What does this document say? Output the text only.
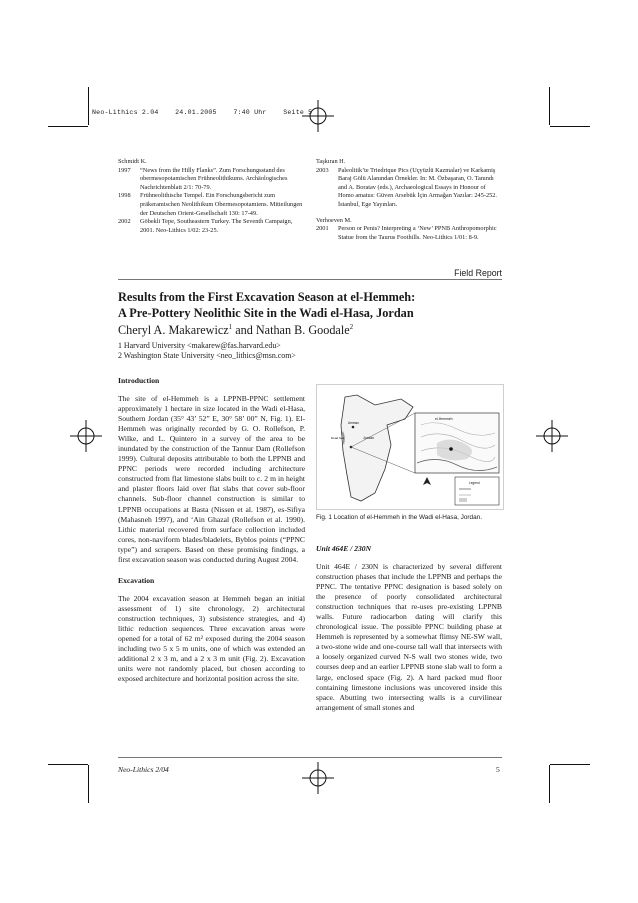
Neo-Lithics 2.04    24.01.2005    7:40 Uhr    Seite 5
Schmidt K.
1997	“News from the Hilly Flanks”. Zum Forschungsstand des obermesopotamischen Frühneolithikums. Archäologisches Nachrichtenblatt 2/1: 70-79.
1998	Frühneolithische Tempel. Ein Forschungsbericht zum präkeramischen Neolithikum Obermesopotamiens. Mitteilungen der Deutschen Orient-Gesellschaft 130: 17-49.
2002	Göbekli Tepe, Southeastern Turkey. The Seventh Campaign, 2001. Neo-Lithics 1/02: 23-25.
Taşkıran H.
2003	Paleolitik’te Triedrique Pics (Uçyüzlü Kazmalar) ve Karkamiş Baraj Gölü Alanından Örnekler. In: M. Özbaşaran, O. Tanındı and A. Boratav (eds.), Archaeological Essays in Honour of Homo amatus: Güven Arsebük İçin Armağan Yazılar: 245-252. İstanbul, Ege Yayınları.
Verhoeven M.
2001	Person or Penis? Interpreting a ‘New’ PPNB Anthropomorphic Statue from the Taurus Foothills. Neo-Lithics 1/01: 8-9.
Field Report
Results from the First Excavation Season at el-Hemmeh:
A Pre-Pottery Neolithic Site in the Wadi el-Hasa, Jordan
Cheryl A. Makarewicz$^1$ and Nathan B. Goodale$^2$
1 Harvard University <makarew@fas.harvard.edu>
2 Washington State University <neo_lithics@msn.com>
Introduction
The site of el-Hemmeh is a LPPNB-PPNC settlement approximately 1 hectare in size located in the Wadi el-Hasa, Southern Jordan (35° 43’ 52” E, 30° 58’ 00” N, Fig. 1). El-Hemmeh was originally recorded by G. O. Rollefson, P. Wilke, and L. Quintero in a survey of the area to be inundated by the construction of the Tannur Dam (Rollefson 1999). Cultural deposits attributable to both the LPPNB and PPNC periods were recorded including architecture constructed from flat limestone slabs built to c. 2 m in height and plaster floors laid over flat slabs that cover sub-floor channels. Sub-floor channel construction is similar to LPPNB occupations at Basta (Nissen et al. 1987), es-Sifiya (Mahasneh 1997), and ‘Ain Ghazal (Rollefson et al. 1990). Lithic material recovered from surface collection included cores, non-naviform blades/bladelets, Byblos points (“PPNC type”) and scrapers. Based on these promising findings, a first excavation season was conducted during August 2004.
Excavation
The 2004 excavation season at Hemmeh began an initial assessment of 1) site chronology, 2) architectural construction techniques, 3) subsistence strategies, and 4) lithic reduction sequences. Three excavation areas were opened for a total of 62 m² exposed during the 2004 season including two 5 x 5 m units, one of which was extended an additional 2 x 3 m, and a 2 x 3 m unit (Fig. 2). Excavation units were not randomly placed, but chosen according to exposed architecture and horizontal position across the site.
Amman
Dead Sea	Jordan
el-Hemmeh
Legend
Fig. 1 Location of el-Hemmeh in the Wadi el-Hasa, Jordan.
Unit 464E / 230N
Unit 464E / 230N is characterized by several different construction phases that include the LPPNB and perhaps the PPNC. The tentative PPNC designation is based solely on the presence of poorly consolidated architectural construction techniques that re-uses pre-existing LPPNB walls. Future radiocarbon dating will clarify this chronological issue. The possible PPNC building phase at Hemmeh is represented by a somewhat flimsy NE-SW wall, a two-stone wide and one-course tall wall that intersects with a loosely organized curved N-S wall two stones wide, two courses deep and an earlier LPPNB stone slab wall to form a large, enclosed space (Fig. 2). A hard packed mud floor containing limestone inclusions was uncovered inside this space. Abutting two intersecting walls is a curvilinear arrangement of small stones and
Neo-Lithics 2/04	5
